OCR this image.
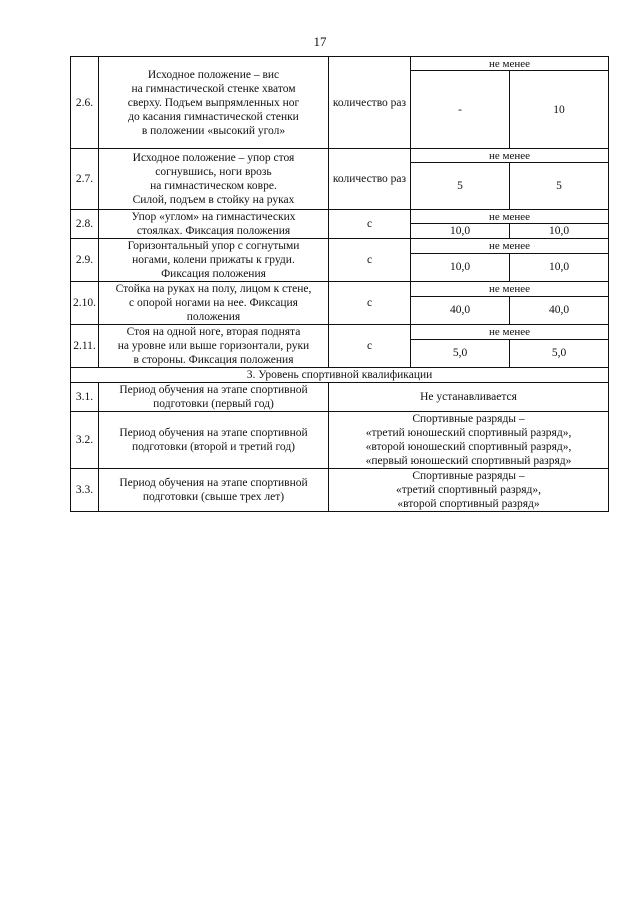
17
2.6.	Исходное положение – вис
на гимнастической стенке хватом
сверху. Подъем выпрямленных ног
до касания гимнастической стенки
в положении «высокий угол»	количество раз	не менее	
			-	10
2.7.	Исходное положение – упор стоя
согнувшись, ноги врозь
на гимнастическом ковре.
Силой, подъем в стойку на руках	количество раз	не менее	
			5	5
2.8.	Упор «углом» на гимнастических
стоялках. Фиксация положения	с	не менее	
			10,0	10,0
2.9.	Горизонтальный упор с согнутыми
ногами, колени прижаты к груди.
Фиксация положения	с	не менее	
			10,0	10,0
2.10.	Стойка на руках на полу, лицом к стене,
с опорой ногами на нее. Фиксация
положения	с	не менее	
			40,0	40,0
2.11.	Стоя на одной ноге, вторая поднята
на уровне или выше горизонтали, руки
в стороны. Фиксация положения	с	не менее	
			5,0	5,0
3. Уровень спортивной квалификации				
3.1.	Период обучения на этапе спортивной
подготовки (первый год)	Не устанавливается		
3.2.	Период обучения на этапе спортивной
подготовки (второй и третий год)	Спортивные разряды –
«третий юношеский спортивный разряд»,
«второй юношеский спортивный разряд»,
«первый юношеский спортивный разряд»		
3.3.	Период обучения на этапе спортивной
подготовки (свыше трех лет)	Спортивные разряды –
«третий спортивный разряд»,
«второй спортивный разряд»		
